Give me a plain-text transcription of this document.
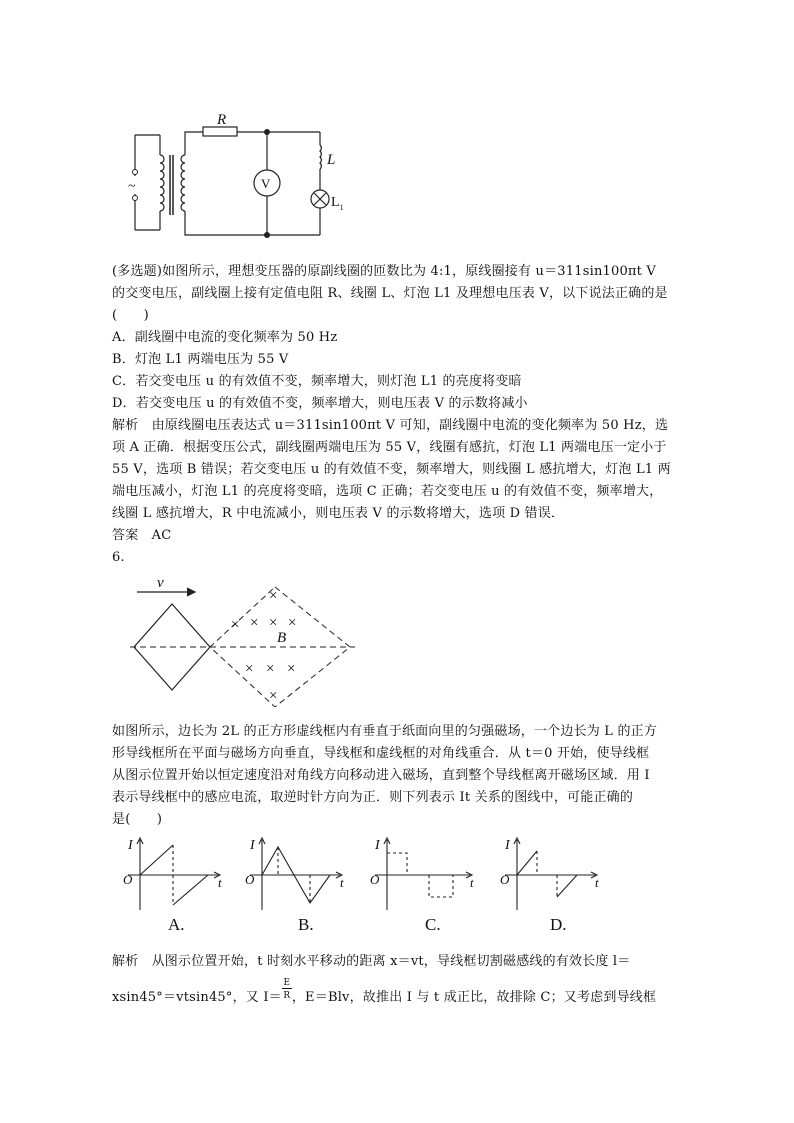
~
R
V
L
$L_1$
(多选题)如图所示，理想变压器的原副线圈的匝数比为 4:1，原线圈接有 u＝311sin100πt V
的交变电压，副线圈上接有定值电阻 R、线圈 L、灯泡 L1 及理想电压表 V，以下说法正确的是
(　　)
A．副线圈中电流的变化频率为 50 Hz
B．灯泡 L1 两端电压为 55 V
C．若交变电压 u 的有效值不变，频率增大，则灯泡 L1 的亮度将变暗
D．若交变电压 u 的有效值不变，频率增大，则电压表 V 的示数将减小
解析　由原线圈电压表达式 u＝311sin100πt V 可知，副线圈中电流的变化频率为 50 Hz，选
项 A 正确．根据变压公式，副线圈两端电压为 55 V，线圈有感抗，灯泡 L1 两端电压一定小于
55 V，选项 B 错误；若交变电压 u 的有效值不变，频率增大，则线圈 L 感抗增大，灯泡 L1 两
端电压减小，灯泡 L1 的亮度将变暗，选项 C 正确；若交变电压 u 的有效值不变，频率增大，
线圈 L 感抗增大，R 中电流减小，则电压表 V 的示数将增大，选项 D 错误．
答案　AC
6.
×
× × ×
×
× × ×
×
v
B
如图所示，边长为 2L 的正方形虚线框内有垂直于纸面向里的匀强磁场，一个边长为 L 的正方
形导线框所在平面与磁场方向垂直，导线框和虚线框的对角线重合．从 t＝0 开始，使导线框
从图示位置开始以恒定速度沿对角线方向移动进入磁场，直到整个导线框离开磁场区域．用 I
表示导线框中的感应电流，取逆时针方向为正．则下列表示 It 关系的图线中，可能正确的
是(　　)
I
O	t
A.
I
O	t
B.
I
O	t
C.
I
O	t
D.
解析　从图示位置开始，t 时刻水平移动的距离 x＝vt，导线框切割磁感线的有效长度 l＝
xsin45°＝vtsin45°，又 $I= \frac{E}{R}$ ，E＝Blv，故推出 I 与 t 成正比，故排除 C；又考虑到导线框
